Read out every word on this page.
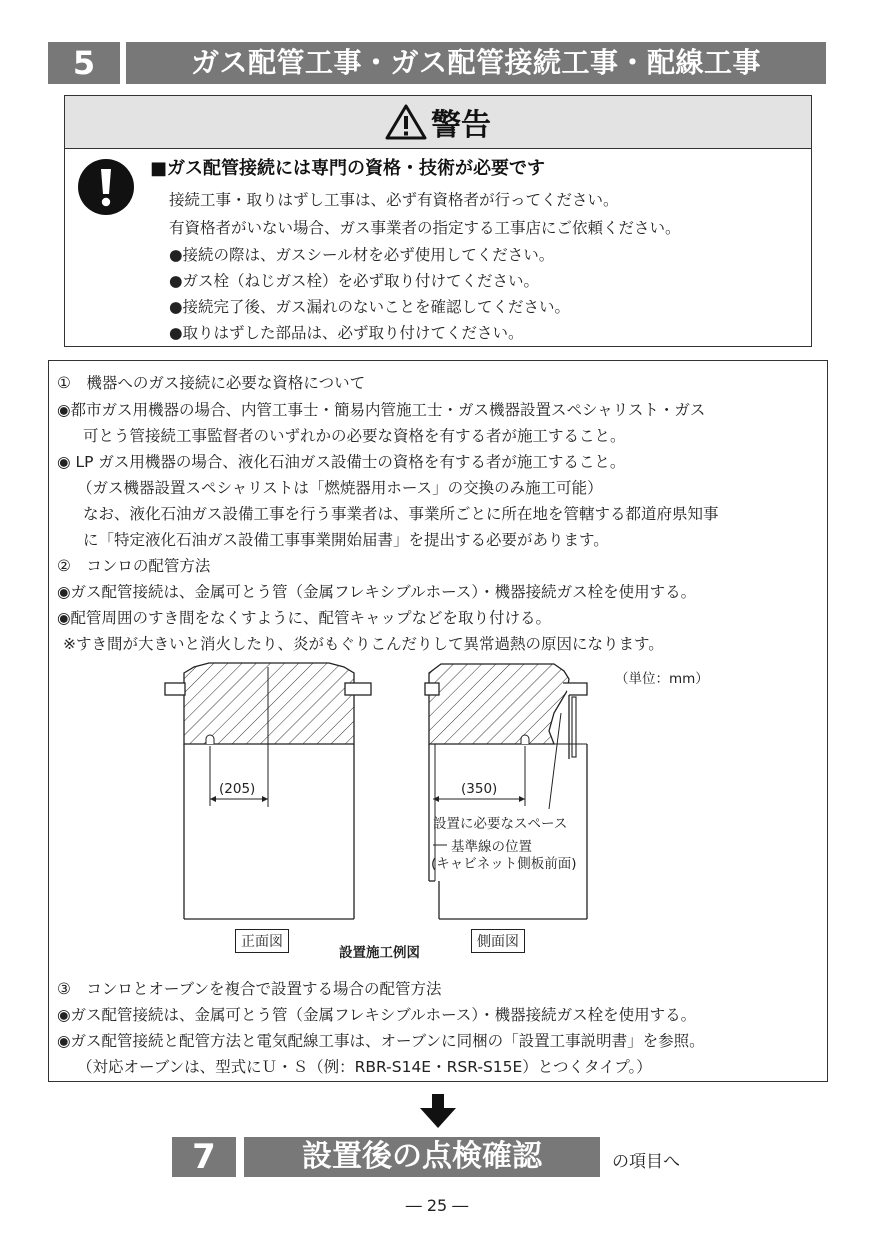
5	ガス配管工事・ガス配管接続工事・配線工事
警告
■ガス配管接続には専門の資格・技術が必要です
接続工事・取りはずし工事は、必ず有資格者が行ってください。
有資格者がいない場合、ガス事業者の指定する工事店にご依頼ください。
●接続の際は、ガスシール材を必ず使用してください。
●ガス栓（ねじガス栓）を必ず取り付けてください。
●接続完了後、ガス漏れのないことを確認してください。
●取りはずした部品は、必ず取り付けてください。
①　機器へのガス接続に必要な資格について
◉都市ガス用機器の場合、内管工事士・簡易内管施工士・ガス機器設置スペシャリスト・ガス
可とう管接続工事監督者のいずれかの必要な資格を有する者が施工すること。
◉ LP ガス用機器の場合、液化石油ガス設備士の資格を有する者が施工すること。
（ガス機器設置スペシャリストは「燃焼器用ホース」の交換のみ施工可能）
なお、液化石油ガス設備工事を行う事業者は、事業所ごとに所在地を管轄する都道府県知事
に「特定液化石油ガス設備工事事業開始届書」を提出する必要があります。
②　コンロの配管方法
◉ガス配管接続は、金属可とう管（金属フレキシブルホース）・機器接続ガス栓を使用する。
◉配管周囲のすき間をなくすように、配管キャップなどを取り付ける。
※すき間が大きいと消火したり、炎がもぐりこんだりして異常過熱の原因になります。
（単位：mm）
(205)	(350)
設置に必要なスペース
基準線の位置
(キャビネット側板前面)
正面図	側面図
設置施工例図
③　コンロとオーブンを複合で設置する場合の配管方法
◉ガス配管接続は、金属可とう管（金属フレキシブルホース）・機器接続ガス栓を使用する。
◉ガス配管接続と配管方法と電気配線工事は、オーブンに同梱の「設置工事説明書」を参照。
（対応オーブンは、型式にＵ・Ｓ（例：RBR-S14E・RSR-S15E）とつくタイプ。）
7	設置後の点検確認	の項目へ
― 25 ―
